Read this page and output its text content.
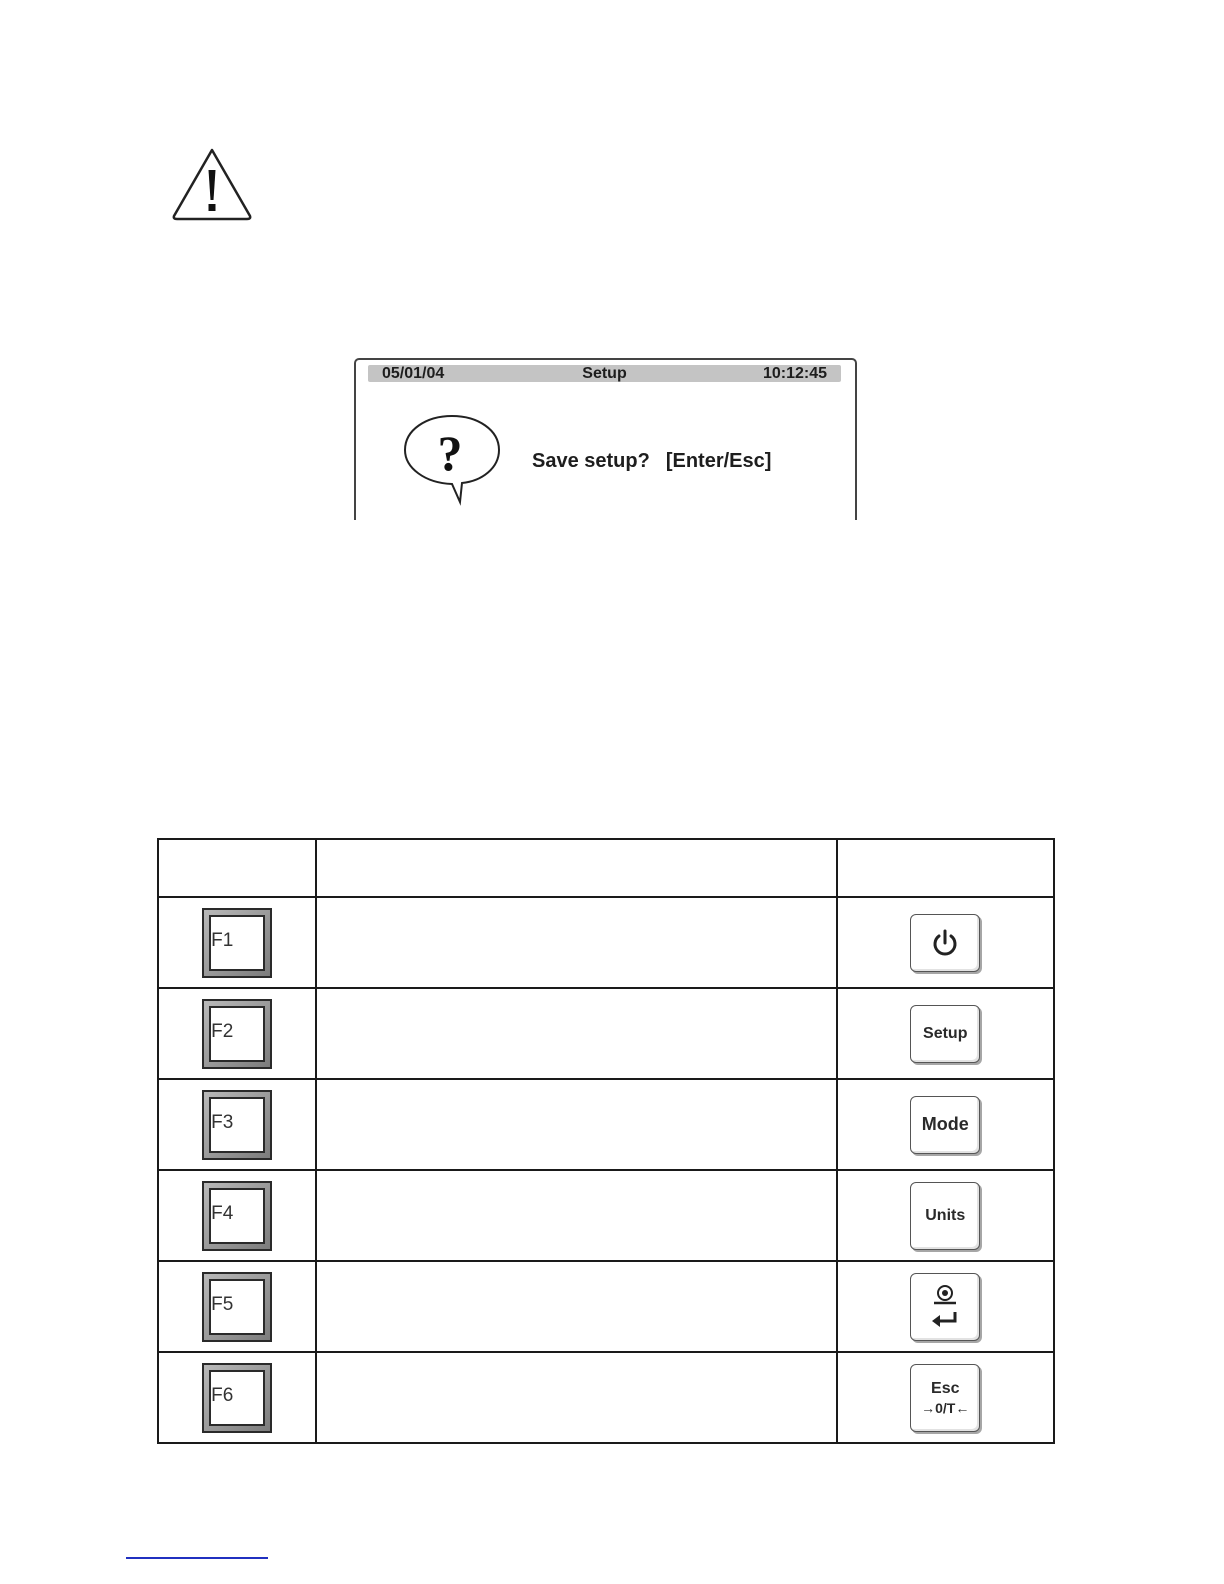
05/01/04	Setup	10:12:45
?	Save setup? [Enter/Esc]

F1

F2		Setup

F3		Mode

F4		Units

F5

F6		Esc
→0/T←
